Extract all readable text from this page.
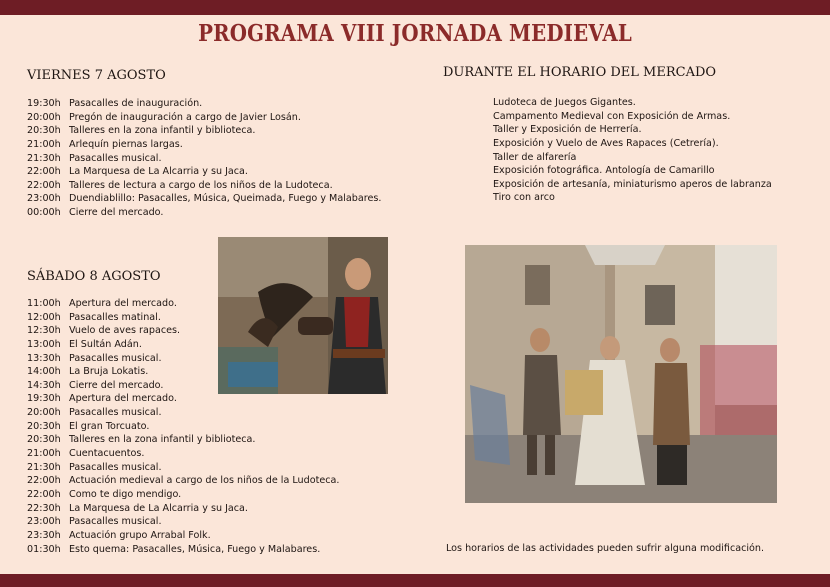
PROGRAMA VIII JORNADA MEDIEVAL
VIERNES 7 AGOSTO
19:30h Pasacalles de inauguración.
20:00h Pregón de inauguración a cargo de Javier Losán.
20:30h Talleres en la zona infantil y biblioteca.
21:00h Arlequín piernas largas.
21:30h Pasacalles musical.
22:00h La Marquesa de La Alcarria y su Jaca.
22:00h Talleres de lectura a cargo de los niños de la Ludoteca.
23:00h Duendiablillo: Pasacalles, Música, Queimada, Fuego y Malabares.
00:00h Cierre del mercado.
DURANTE EL HORARIO DEL MERCADO
Ludoteca de Juegos Gigantes.
Campamento Medieval con Exposición de Armas.
Taller y Exposición de Herrería.
Exposición y Vuelo de Aves Rapaces (Cetrería).
Taller de alfarería
Exposición fotográfica. Antología de Camarillo
Exposición de artesanía, miniaturismo aperos de labranza
Tiro con arco
SÁBADO 8 AGOSTO
11:00h Apertura del mercado.
12:00h Pasacalles matinal.
12:30h Vuelo de aves rapaces.
13:00h El Sultán Adán.
13:30h Pasacalles musical.
14:00h La Bruja Lokatis.
14:30h Cierre del mercado.
19:30h Apertura del mercado.
20:00h Pasacalles musical.
20:30h El gran Torcuato.
20:30h Talleres en la zona infantil y biblioteca.
21:00h Cuentacuentos.
21:30h Pasacalles musical.
22:00h Actuación medieval a cargo de los niños de la Ludoteca.
22:00h Como te digo mendigo.
22:30h La Marquesa de La Alcarria y su Jaca.
23:00h Pasacalles musical.
23:30h Actuación grupo Arrabal Folk.
01:30h Esto quema: Pasacalles, Música, Fuego y Malabares.	Los horarios de las actividades pueden sufrir alguna modificación.
